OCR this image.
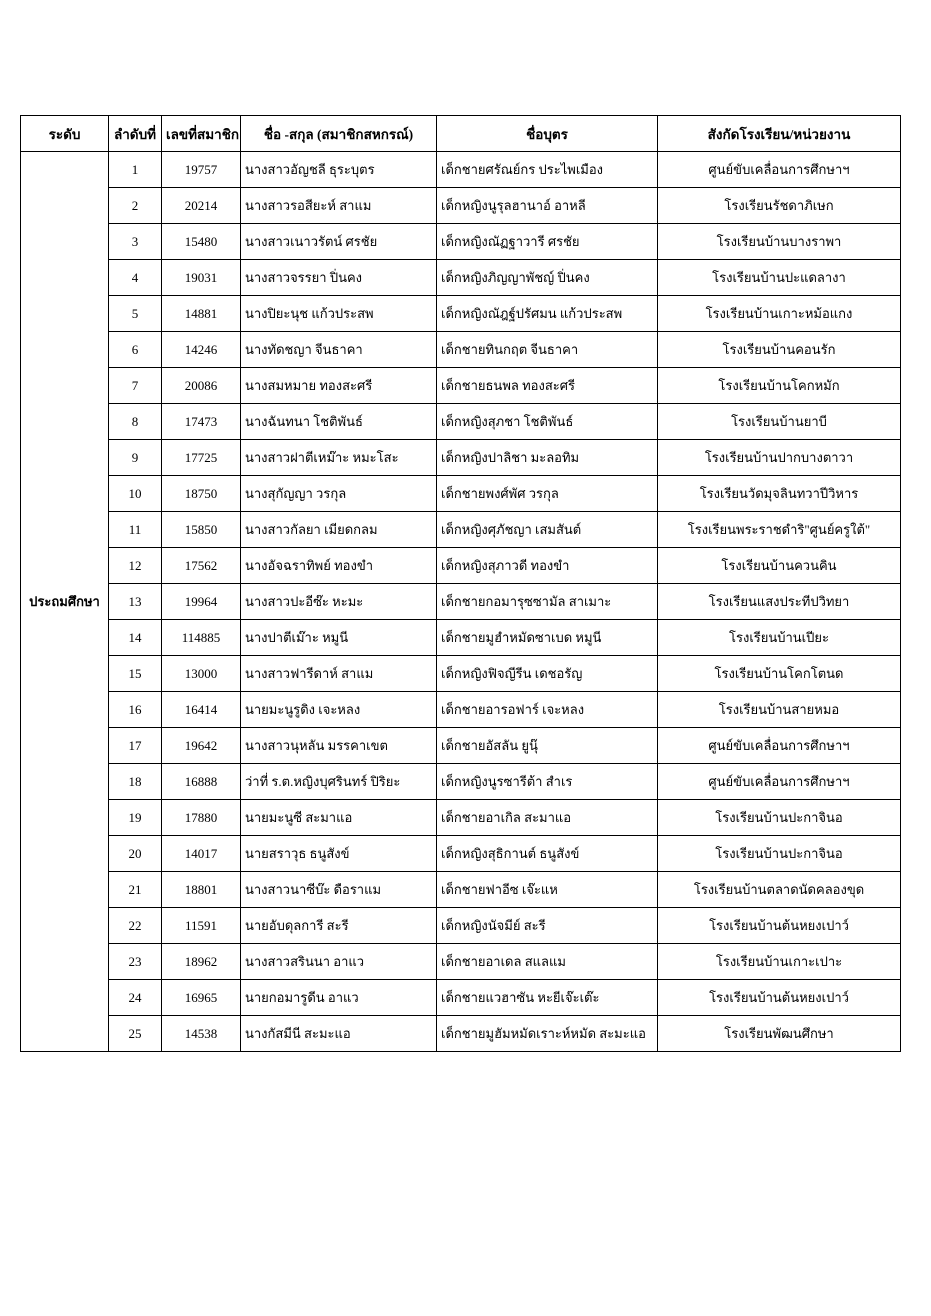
ระดับ	ลำดับที่	เลขที่สมาชิก	ชื่อ -สกุล (สมาชิกสหกรณ์)	ชื่อบุตร	สังกัดโรงเรียน/หน่วยงาน
ประถมศึกษา	1	19757	นางสาวอัญชลี ธุระบุตร	เด็กชายศรัณย์กร ประไพเมือง	ศูนย์ขับเคลื่อนการศึกษาฯ
	2	20214	นางสาวรอสียะห์ สาแม	เด็กหญิงนูรุลฮานาอ์ อาหลี	โรงเรียนรัชดาภิเษก
	3	15480	นางสาวเนาวรัตน์ ศรชัย	เด็กหญิงณัฏฐาวารี ศรชัย	โรงเรียนบ้านบางราพา
	4	19031	นางสาวจรรยา ปิ่นคง	เด็กหญิงภิญญาพัชญ์ ปิ่นคง	โรงเรียนบ้านปะแดลางา
	5	14881	นางปิยะนุช แก้วประสพ	เด็กหญิงณัฎฐ์ปรัศมน แก้วประสพ	โรงเรียนบ้านเกาะหม้อแกง
	6	14246	นางทัดชญา จีนธาคา	เด็กชายทินกฤต จีนธาคา	โรงเรียนบ้านคอนรัก
	7	20086	นางสมหมาย ทองสะศรี	เด็กชายธนพล ทองสะศรี	โรงเรียนบ้านโคกหมัก
	8	17473	นางฉันทนา โชติพันธ์	เด็กหญิงสุภชา โชติพันธ์	โรงเรียนบ้านยาบี
	9	17725	นางสาวฝาตีเหม๊าะ หมะโสะ	เด็กหญิงปาลิชา มะลอทิม	โรงเรียนบ้านปากบางตาวา
	10	18750	นางสุกัญญา วรกุล	เด็กชายพงศ์พัศ วรกุล	โรงเรียนวัดมุจลินทวาปีวิหาร
	11	15850	นางสาวกัลยา เมียดกลม	เด็กหญิงศุภัชญา เสมสันต์	โรงเรียนพระราชดำริ"ศูนย์ครูใต้"
	12	17562	นางอัจฉราทิพย์ ทองขำ	เด็กหญิงสุภาวดี ทองขำ	โรงเรียนบ้านควนคิน
	13	19964	นางสาวปะอีซ๊ะ หะมะ	เด็กชายกอมารุซซามัล สาเมาะ	โรงเรียนแสงประทีปวิทยา
	14	114885	นางปาตีเม๊าะ หมูนี	เด็กชายมูฮำหมัดซาเบด หมูนี	โรงเรียนบ้านเปียะ
	15	13000	นางสาวฟารีดาห์ สาแม	เด็กหญิงฟิจญีรีน เดชอรัญ	โรงเรียนบ้านโคกโตนด
	16	16414	นายมะนูรูดิง เจะหลง	เด็กชายอารอฟาร์ เจะหลง	โรงเรียนบ้านสายหมอ
	17	19642	นางสาวนุหลัน มรรคาเขต	เด็กชายอัสลัน ยูนุ๊	ศูนย์ขับเคลื่อนการศึกษาฯ
	18	16888	ว่าที่ ร.ต.หญิงบุศรินทร์ ปิริยะ	เด็กหญิงนูรซารีต้า สำเร	ศูนย์ขับเคลื่อนการศึกษาฯ
	19	17880	นายมะนูซี สะมาแอ	เด็กชายอาเกิล สะมาแอ	โรงเรียนบ้านปะกาจินอ
	20	14017	นายสราวุธ ธนูสังข์	เด็กหญิงสุธิกานต์ ธนูสังข์	โรงเรียนบ้านปะกาจินอ
	21	18801	นางสาวนาซีบ๊ะ ดือราแม	เด็กชายฟาอีซ เจ๊ะแห	โรงเรียนบ้านตลาดนัดคลองขุด
	22	11591	นายอับดุลการี สะรี	เด็กหญิงนัจมีย์ สะรี	โรงเรียนบ้านต้นหยงเปาว์
	23	18962	นางสาวสรินนา อาแว	เด็กชายอาเดล สแลแม	โรงเรียนบ้านเกาะเปาะ
	24	16965	นายกอมารูดีน อาแว	เด็กชายแวฮาซัน หะยีเจ๊ะเต๊ะ	โรงเรียนบ้านต้นหยงเปาว์
	25	14538	นางกัสมีนี สะมะแอ	เด็กชายมูฮัมหมัดเราะห์หมัด สะมะแอ	โรงเรียนพัฒนศึกษา
